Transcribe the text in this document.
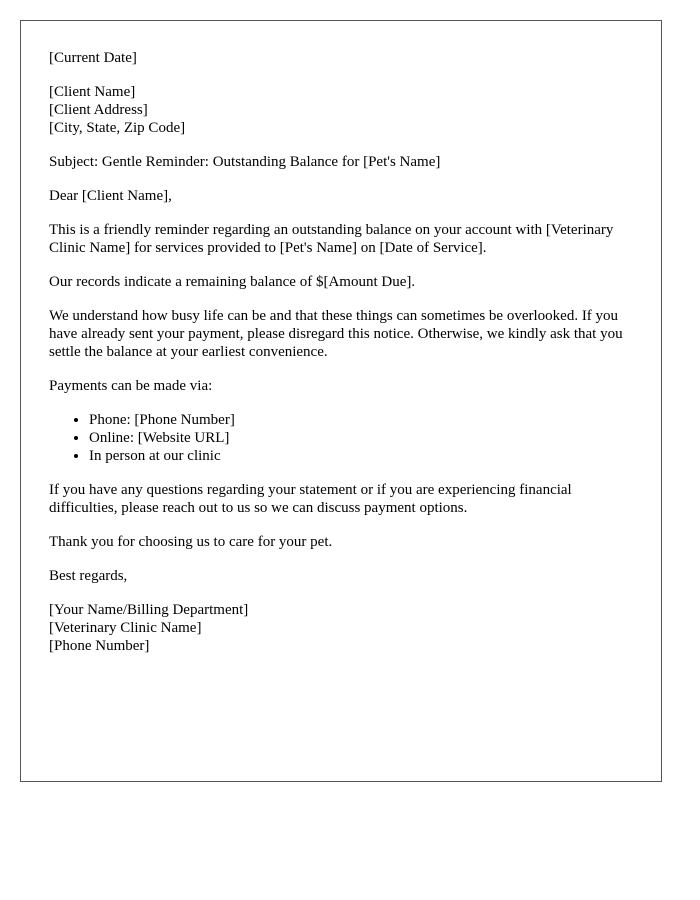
[Current Date]

[Client Name]
[Client Address]
[City, State, Zip Code]

Subject: Gentle Reminder: Outstanding Balance for [Pet's Name]

Dear [Client Name],

This is a friendly reminder regarding an outstanding balance on your account with [Veterinary Clinic Name] for services provided to [Pet's Name] on [Date of Service].

Our records indicate a remaining balance of $[Amount Due].

We understand how busy life can be and that these things can sometimes be overlooked. If you have already sent your payment, please disregard this notice. Otherwise, we kindly ask that you settle the balance at your earliest convenience.

Payments can be made via:

• Phone: [Phone Number]
• Online: [Website URL]
• In person at our clinic

If you have any questions regarding your statement or if you are experiencing financial difficulties, please reach out to us so we can discuss payment options.

Thank you for choosing us to care for your pet.

Best regards,

[Your Name/Billing Department]
[Veterinary Clinic Name]
[Phone Number]
